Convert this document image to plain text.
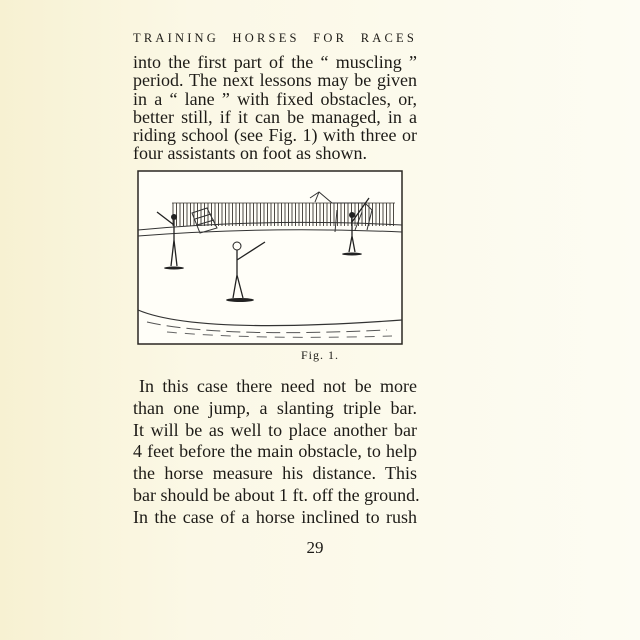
TRAINING HORSES FOR RACES
into the first part of the “ muscling ”
period. The next lessons may be given
in a “ lane ” with fixed obstacles, or,
better still, if it can be managed, in a
riding school (see Fig. 1) with three or
four assistants on foot as shown.
Fig. 1.
In this case there need not be more
than one jump, a slanting triple bar.
It will be as well to place another bar
4 feet before the main obstacle, to help
the horse measure his distance. This
bar should be about 1 ft. off the ground.
In the case of a horse inclined to rush
29
